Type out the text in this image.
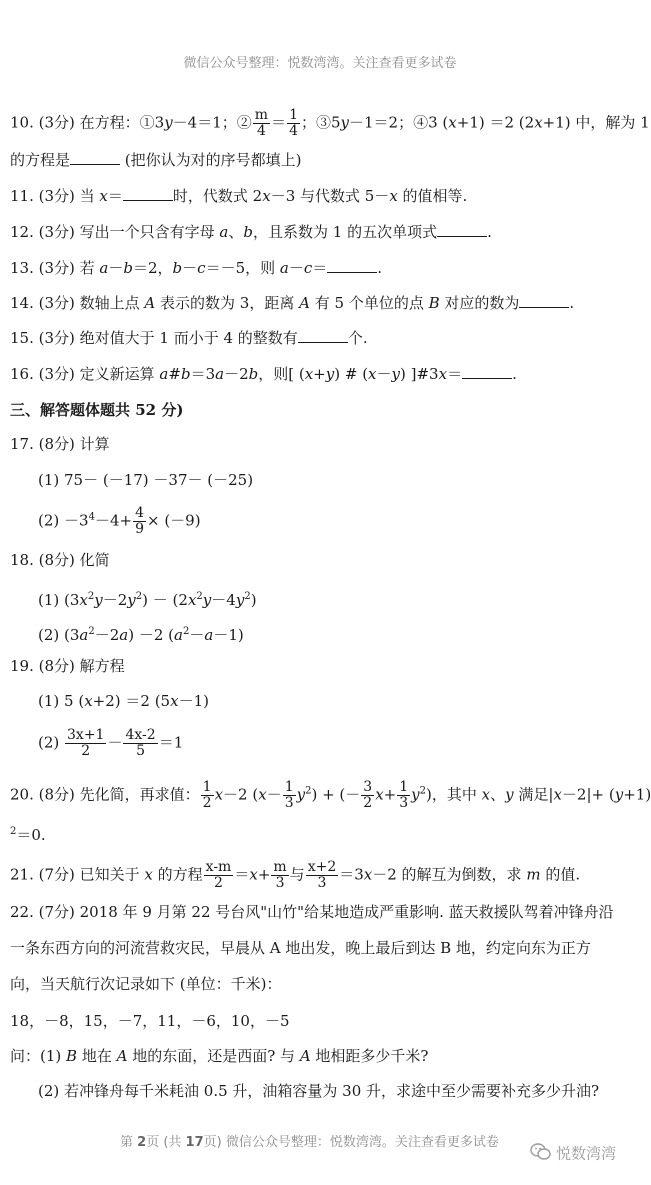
微信公众号整理：悦数湾湾。关注查看更多试卷
10. (3分) 在方程：①3y－4＝1；② $\frac{m}{4} = \frac{1}{4}$ ；③5y－1＝2；④3 (x+1) ＝2 (2x+1) 中，解为 1
的方程是	(把你认为对的序号都填上)
11. (3分) 当 x＝	时，代数式 2x－3 与代数式 5－x 的值相等.
12. (3分) 写出一个只含有字母 a、b，且系数为 1 的五次单项式	.
13. (3分) 若 a－b＝2，b－c＝－5，则 a－c＝	.
14. (3分) 数轴上点 A 表示的数为 3，距离 A 有 5 个单位的点 B 对应的数为	.
15. (3分) 绝对值大于 1 而小于 4 的整数有	个.
16. (3分) 定义新运算 a#b＝3a－2b，则[ (x+y) # (x－y) ]#3x＝	.
三、解答题体题共 52 分)
17. (8分) 计算
(1) 75－ (－17) －37－ (－25)
$(2) -3^4-4+ \frac{4}{9} \times (-9)$
18. (8分) 化简
(1) $(3x^2y-2y^2) - (2x^2y-4y^2)$
(2) $(3a^2-2a) -2$ $(a^2-a-1)$
19. (8分) 解方程
(1) 5 (x+2) ＝2 (5x－1)
$(2) \frac{3x+1}{2} - \frac{4x-2}{5} =1$
20. (8分) 先化简，再求值： $\frac{1}{2} x-2$ $(x- \frac{1}{3} y^2)$ + (－ $\frac{3}{2} x+ \frac{1}{3} y^2$)，其中 x、y 满足|x－2|+ (y+1)
$^2$＝0.
21. (7分) 已知关于 x 的方程 $\frac{x-m}{2} =x+ \frac{m}{3}$ 与 $\frac{x+2}{3} =3x-2$ 的解互为倒数，求 m 的值.
22. (7分) 2018 年 9 月第 22 号台风"山竹"给某地造成严重影响. 蓝天救援队驾着冲锋舟沿
一条东西方向的河流营救灾民，早晨从 A 地出发，晚上最后到达 B 地，约定向东为正方
向，当天航行次记录如下 (单位：千米)：
18，－8，15，－7，11，－6，10，－5
问：(1) B 地在 A 地的东面，还是西面? 与 A 地相距多少千米?
(2) 若冲锋舟每千米耗油 0.5 升，油箱容量为 30 升，求途中至少需要补充多少升油?
第 2页 (共 17页) 微信公众号整理：悦数湾湾。关注查看更多试卷
悦数湾湾
